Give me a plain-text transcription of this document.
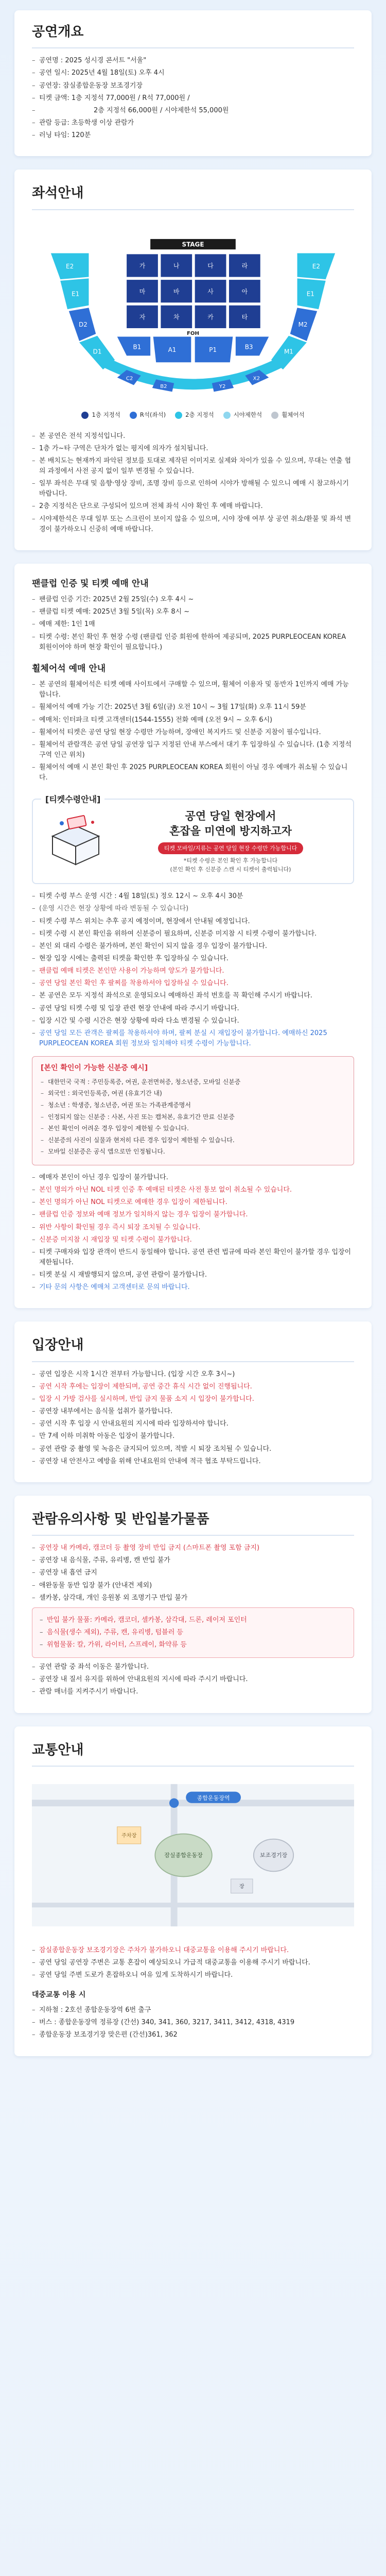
공연개요
– 공연명 : 2025 성시경 콘서트 "서울"
– 공연 일시: 2025년 4월 18일(토) 오후 4시
– 공연장: 잠실종합운동장 보조경기장
– 티켓 금액: 1층 지정석 77,000원 / R석 77,000원 /
– 2층 지정석 66,000원 / 시야제한석 55,000원
– 관람 등급: 초등학생 이상 관람가
– 러닝 타임: 120분
좌석안내
STAGE
가	나	다	라
마	바	사	아
자	차	카	타
FOH
E2
E1
D2
D1
E2
E1
M2
M1
B1	A1	P1	B3
C2
B2
X2
Y2
1층 지정석	R석(좌석)	2층 지정석	시야제한석	휠체어석
– 본 공연은 전석 지정석입니다.
– 1층 가~타 구역은 단차가 없는 평지에 의자가 설치됩니다.
– 본 배치도는 현재까지 파악된 정보를 토대로 제작된 이미지로 실제와 차이가 있을 수 있으며, 무대는 연출 협의 과정에서 사전 공지 없이 일부 변경될 수 있습니다.
– 일부 좌석은 무대 및 음향·영상 장비, 조명 장비 등으로 인하여 시야가 방해될 수 있으니 예매 시 참고하시기 바랍니다.
– 2층 지정석은 단으로 구성되어 있으며 전체 좌석 시야 확인 후 예매 바랍니다.
– 시야제한석은 무대 일부 또는 스크린이 보이지 않을 수 있으며, 시야 장애 여부 상 공연 취소/환불 및 좌석 변경이 불가하오니 신중히 예매 바랍니다.
팬클럽 인증 및 티켓 예매 안내
– 팬클럽 인증 기간: 2025년 2월 25일(수) 오후 4시 ~
– 팬클럽 티켓 예매: 2025년 3월 5일(목) 오후 8시 ~
– 예매 제한: 1인 1매
– 티켓 수령: 본인 확인 후 현장 수령 (팬클럽 인증 회원에 한하여 제공되며, 2025 PURPLEOCEAN KOREA 회원이어야 하며 현장 확인이 필요합니다.)
휠체어석 예매 안내
– 본 공연의 휠체어석은 티켓 예매 사이트에서 구매할 수 있으며, 휠체어 이용자 및 동반자 1인까지 예매 가능합니다.
– 휠체어석 예매 가능 기간: 2025년 3월 6일(금) 오전 10시 ~ 3월 17일(화) 오후 11시 59분
– 예매처: 인터파크 티켓 고객센터(1544-1555) 전화 예매 (오전 9시 ~ 오후 6시)
– 휠체어석 티켓은 공연 당일 현장 수령만 가능하며, 장애인 복지카드 및 신분증 지참이 필수입니다.
– 휠체어석 관람객은 공연 당일 공연장 입구 지정된 안내 부스에서 대기 후 입장하실 수 있습니다. (1층 지정석 구역 인근 위치)
– 휠체어석 예매 시 본인 확인 후 2025 PURPLEOCEAN KOREA 회원이 아닐 경우 예매가 취소될 수 있습니다.
[티켓수령안내]
공연 당일 현장에서
혼잡을 미연에 방지하고자
티켓 모바일/지류는 공연 당일 현장 수령만 가능합니다
*티켓 수령은 본인 확인 후 가능합니다
(본인 확인 후 신분증 스캔 시 티켓이 출력됩니다)
– 티켓 수령 부스 운영 시간 : 4월 18일(토) 정오 12시 ~ 오후 4시 30분
– (운영 시간은 현장 상황에 따라 변동될 수 있습니다)
– 티켓 수령 부스 위치는 추후 공지 예정이며, 현장에서 안내될 예정입니다.
– 티켓 수령 시 본인 확인을 위하여 신분증이 필요하며, 신분증 미지참 시 티켓 수령이 불가합니다.
– 본인 외 대리 수령은 불가하며, 본인 확인이 되지 않을 경우 입장이 불가합니다.
– 현장 입장 시에는 출력된 티켓을 확인한 후 입장하실 수 있습니다.
– 팬클럽 예매 티켓은 본인만 사용이 가능하며 양도가 불가합니다.
– 공연 당일 본인 확인 후 팔찌를 착용하셔야 입장하실 수 있습니다.
– 본 공연은 모두 지정석 좌석으로 운영되오니 예매하신 좌석 번호를 꼭 확인해 주시기 바랍니다.
– 공연 당일 티켓 수령 및 입장 관련 현장 안내에 따라 주시기 바랍니다.
– 입장 시간 및 수령 시간은 현장 상황에 따라 다소 변경될 수 있습니다.
– 공연 당일 모든 관객은 팔찌를 착용하셔야 하며, 팔찌 분실 시 재입장이 불가합니다. 예매하신 2025 PURPLEOCEAN KOREA 회원 정보와 일치해야 티켓 수령이 가능합니다.
[본인 확인이 가능한 신분증 예시]
– 대한민국 국적 : 주민등록증, 여권, 운전면허증, 청소년증, 모바일 신분증
– 외국인 : 외국인등록증, 여권 (유효기간 내)
– 청소년 : 학생증, 청소년증, 여권 또는 가족관계증명서
– 인정되지 않는 신분증 : 사본, 사진 또는 캡처본, 유효기간 만료 신분증
– 본인 확인이 어려운 경우 입장이 제한될 수 있습니다.
– 신분증의 사진이 실물과 현저히 다른 경우 입장이 제한될 수 있습니다.
– 모바일 신분증은 공식 앱으로만 인정됩니다.
– 예매자 본인이 아닌 경우 입장이 불가합니다.
– 본인 명의가 아닌 NOL 티켓 인증 후 예매된 티켓은 사전 통보 없이 취소될 수 있습니다.
– 본인 명의가 아닌 NOL 티켓으로 예매한 경우 입장이 제한됩니다.
– 팬클럽 인증 정보와 예매 정보가 일치하지 않는 경우 입장이 불가합니다.
– 위반 사항이 확인될 경우 즉시 퇴장 조치될 수 있습니다.
– 신분증 미지참 시 재입장 및 티켓 수령이 불가합니다.
– 티켓 구매자와 입장 관객이 반드시 동일해야 합니다. 공연 관련 법규에 따라 본인 확인이 불가할 경우 입장이 제한됩니다.
– 티켓 분실 시 재발행되지 않으며, 공연 관람이 불가합니다.
– 기타 문의 사항은 예매처 고객센터로 문의 바랍니다.
입장안내
– 공연 입장은 시작 1시간 전부터 가능합니다. (입장 시간 오후 3시~)
– 공연 시작 후에는 입장이 제한되며, 공연 중간 휴식 시간 없이 진행됩니다.
– 입장 시 가방 검사를 실시하며, 반입 금지 물품 소지 시 입장이 불가합니다.
– 공연장 내부에서는 음식물 섭취가 불가합니다.
– 공연 시작 후 입장 시 안내요원의 지시에 따라 입장하셔야 합니다.
– 만 7세 이하 미취학 아동은 입장이 불가합니다.
– 공연 관람 중 촬영 및 녹음은 금지되어 있으며, 적발 시 퇴장 조치될 수 있습니다.
– 공연장 내 안전사고 예방을 위해 안내요원의 안내에 적극 협조 부탁드립니다.
관람유의사항 및 반입불가물품
– 공연장 내 카메라, 캠코더 등 촬영 장비 반입 금지 (스마트폰 촬영 포함 금지)
– 공연장 내 음식물, 주류, 유리병, 캔 반입 불가
– 공연장 내 흡연 금지
– 애완동물 동반 입장 불가 (안내견 제외)
– 셀카봉, 삼각대, 개인 응원봉 외 조명기구 반입 불가
– 반입 불가 물품: 카메라, 캠코더, 셀카봉, 삼각대, 드론, 레이저 포인터
– 음식물(생수 제외), 주류, 캔, 유리병, 텀블러 등
– 위험물품: 칼, 가위, 라이터, 스프레이, 화약류 등
– 공연 관람 중 좌석 이동은 불가합니다.
– 공연장 내 질서 유지를 위하여 안내요원의 지시에 따라 주시기 바랍니다.
– 관람 매너를 지켜주시기 바랍니다.
교통안내
종합운동장역
잠실종합운동장	보조경기장
주차장
장
– 잠실종합운동장 보조경기장은 주차가 불가하오니 대중교통을 이용해 주시기 바랍니다.
– 공연 당일 공연장 주변은 교통 혼잡이 예상되오니 가급적 대중교통을 이용해 주시기 바랍니다.
– 공연 당일 주변 도로가 혼잡하오니 여유 있게 도착하시기 바랍니다.
대중교통 이용 시
– 지하철 : 2호선 종합운동장역 6번 출구
– 버스 : 종합운동장역 정류장 (간선) 340, 341, 360, 3217, 3411, 3412, 4318, 4319
– 종합운동장 보조경기장 맞은편 (간선)361, 362
